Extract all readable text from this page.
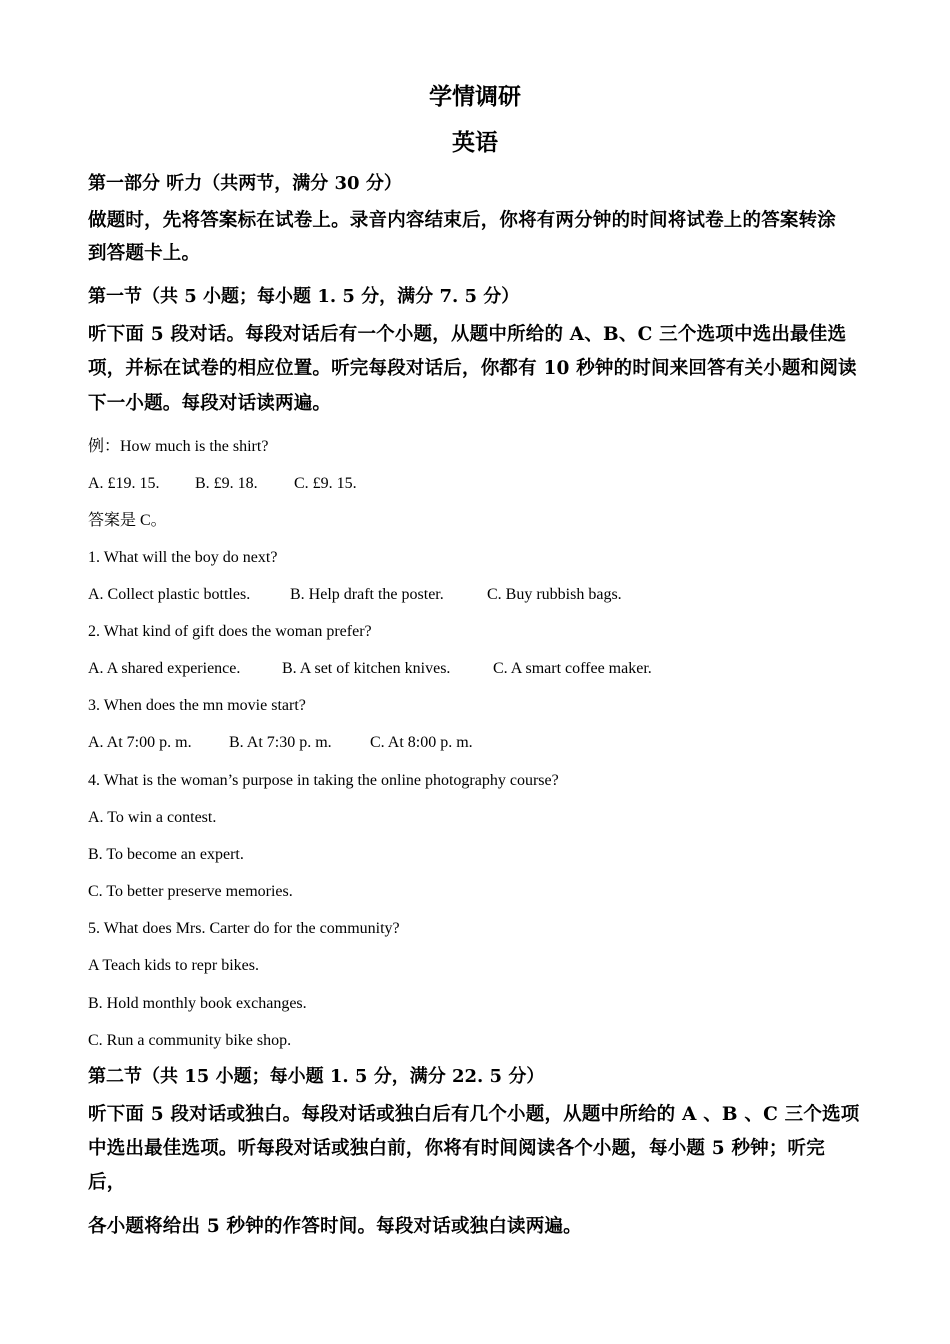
学情调研
英语
第一部分 听力（共两节，满分 30 分）
做题时，先将答案标在试卷上。录音内容结束后，你将有两分钟的时间将试卷上的答案转涂
到答题卡上。
第一节（共 5 小题；每小题 1. 5 分，满分 7. 5 分）
听下面 5 段对话。每段对话后有一个小题，从题中所给的 A、B、C 三个选项中选出最佳选
项，并标在试卷的相应位置。听完每段对话后，你都有 10 秒钟的时间来回答有关小题和阅读
下一小题。每段对话读两遍。
例：How much is the shirt?
A. £19. 15. B. £9. 18. C. £9. 15.
答案是 C。
1. What will the boy do next?
A. Collect plastic bottles. B. Help draft the poster.	C. Buy rubbish bags.
2. What kind of gift does the woman prefer?
A. A shared experience.	B. A set of kitchen knives.	C. A smart coffee maker.
3. When does the mn movie start?
A. At 7:00 p. m. B. At 7:30 p. m. C. At 8:00 p. m.
4. What is the woman’s purpose in taking the online photography course?
A. To win a contest.
B. To become an expert.
C. To better preserve memories.
5. What does Mrs. Carter do for the community?
A Teach kids to repr bikes.
B. Hold monthly book exchanges.
C. Run a community bike shop.
第二节（共 15 小题；每小题 1. 5 分，满分 22. 5 分）
听下面 5 段对话或独白。每段对话或独白后有几个小题，从题中所给的 A 、B 、C 三个选项
中选出最佳选项。听每段对话或独白前，你将有时间阅读各个小题，每小题 5 秒钟；听完
后，
各小题将给出 5 秒钟的作答时间。每段对话或独白读两遍。
